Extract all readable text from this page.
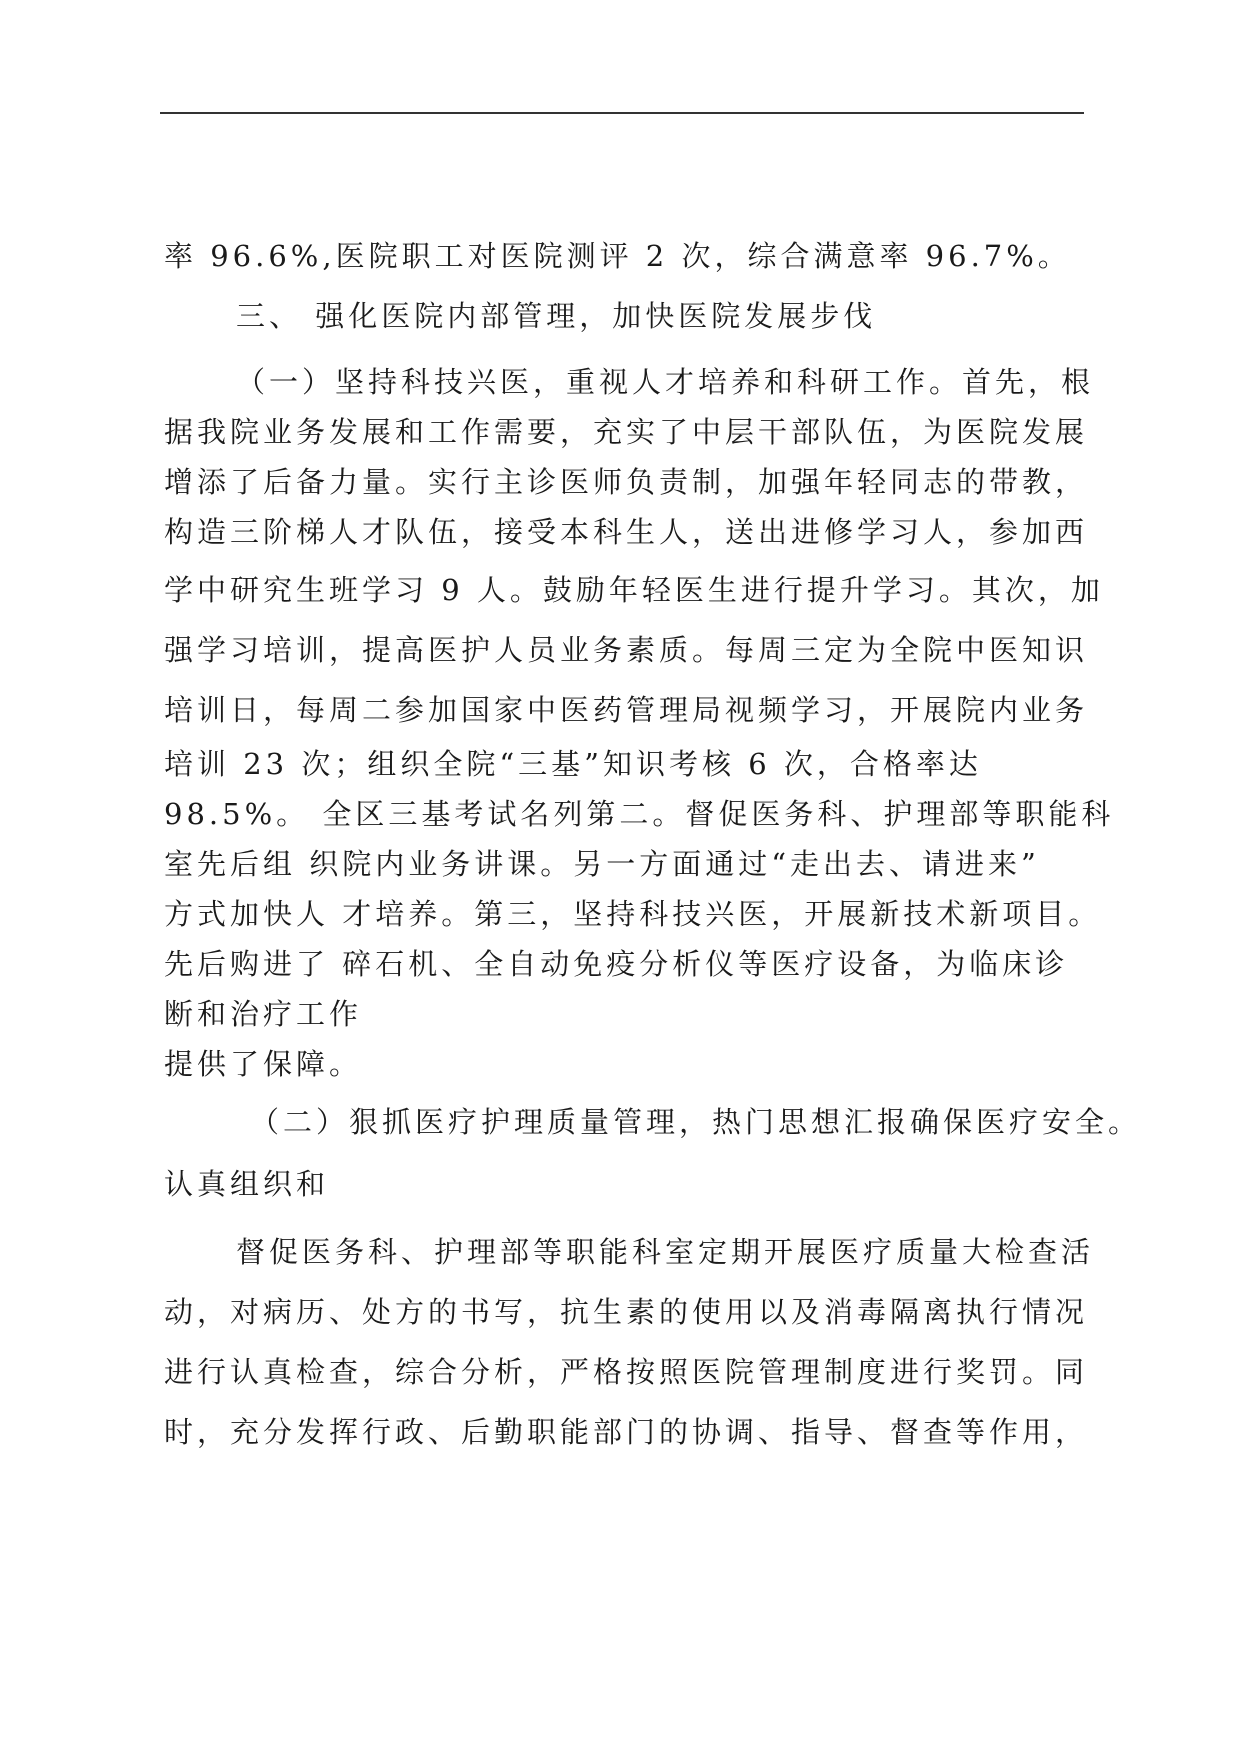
率 96.6%,医院职工对医院测评 2 次，综合满意率 96.7%。
三、 强化医院内部管理，加快医院发展步伐
（一）坚持科技兴医，重视人才培养和科研工作。首先，根
据我院业务发展和工作需要，充实了中层干部队伍，为医院发展
增添了后备力量。实行主诊医师负责制，加强年轻同志的带教，
构造三阶梯人才队伍，接受本科生人，送出进修学习人，参加西
学中研究生班学习 9 人。鼓励年轻医生进行提升学习。其次，加
强学习培训，提高医护人员业务素质。每周三定为全院中医知识
培训日，每周二参加国家中医药管理局视频学习，开展院内业务
培训 23 次；组织全院“三基”知识考核 6 次，合格率达
98.5%。 全区三基考试名列第二。督促医务科、护理部等职能科
室先后组 织院内业务讲课。另一方面通过“走出去、请进来”
方式加快人 才培养。第三，坚持科技兴医，开展新技术新项目。
先后购进了 碎石机、全自动免疫分析仪等医疗设备，为临床诊
断和治疗工作
提供了保障。
（二）狠抓医疗护理质量管理，热门思想汇报确保医疗安全。
认真组织和
督促医务科、护理部等职能科室定期开展医疗质量大检查活
动，对病历、处方的书写，抗生素的使用以及消毒隔离执行情况
进行认真检查，综合分析，严格按照医院管理制度进行奖罚。同
时，充分发挥行政、后勤职能部门的协调、指导、督查等作用，
